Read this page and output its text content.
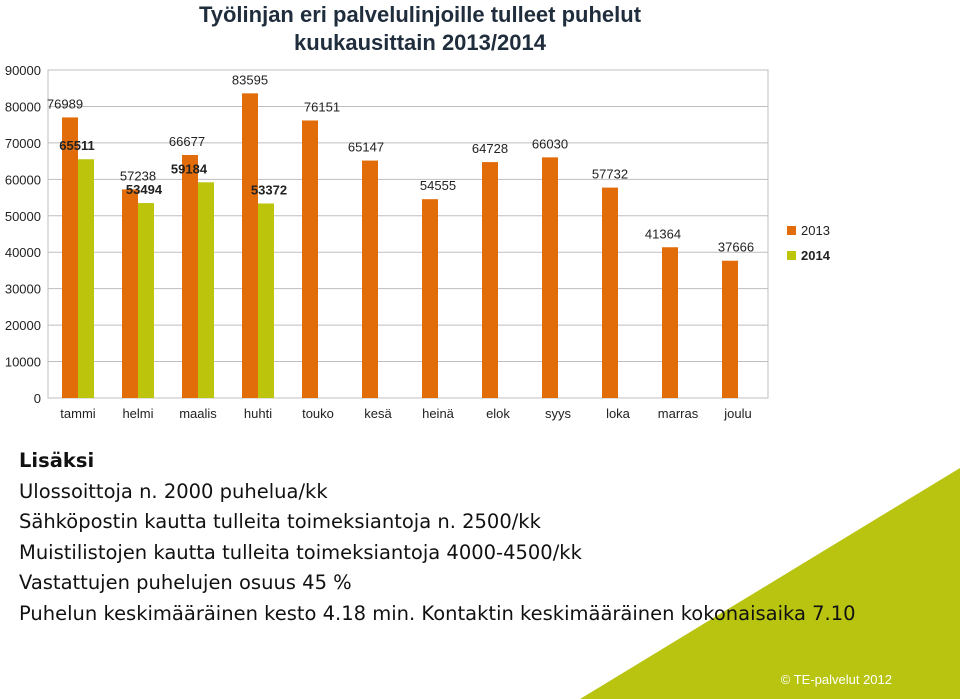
0
10000
20000
30000
40000
50000
60000
70000
80000
90000
tammi helmi maalis huhti touko kesä heinä elok	syys	loka marras joulu
76989
65511
57238
53494
66677
59184
83595
53372
76151
65147
54555
64728 66030
57732
41364
37666
2013
2014
Työlinjan eri palvelulinjoille tulleet puhelut
kuukausittain 2013/2014
Lisäksi
Ulossoittoja n. 2000 puhelua/kk
Sähköpostin kautta tulleita toimeksiantoja n. 2500/kk
Muistilistojen kautta tulleita toimeksiantoja 4000-4500/kk
Vastattujen puhelujen osuus 45 %
Puhelun keskimääräinen kesto 4.18 min. Kontaktin keskimääräinen kokonaisaika 7.10
© TE-palvelut 2012
